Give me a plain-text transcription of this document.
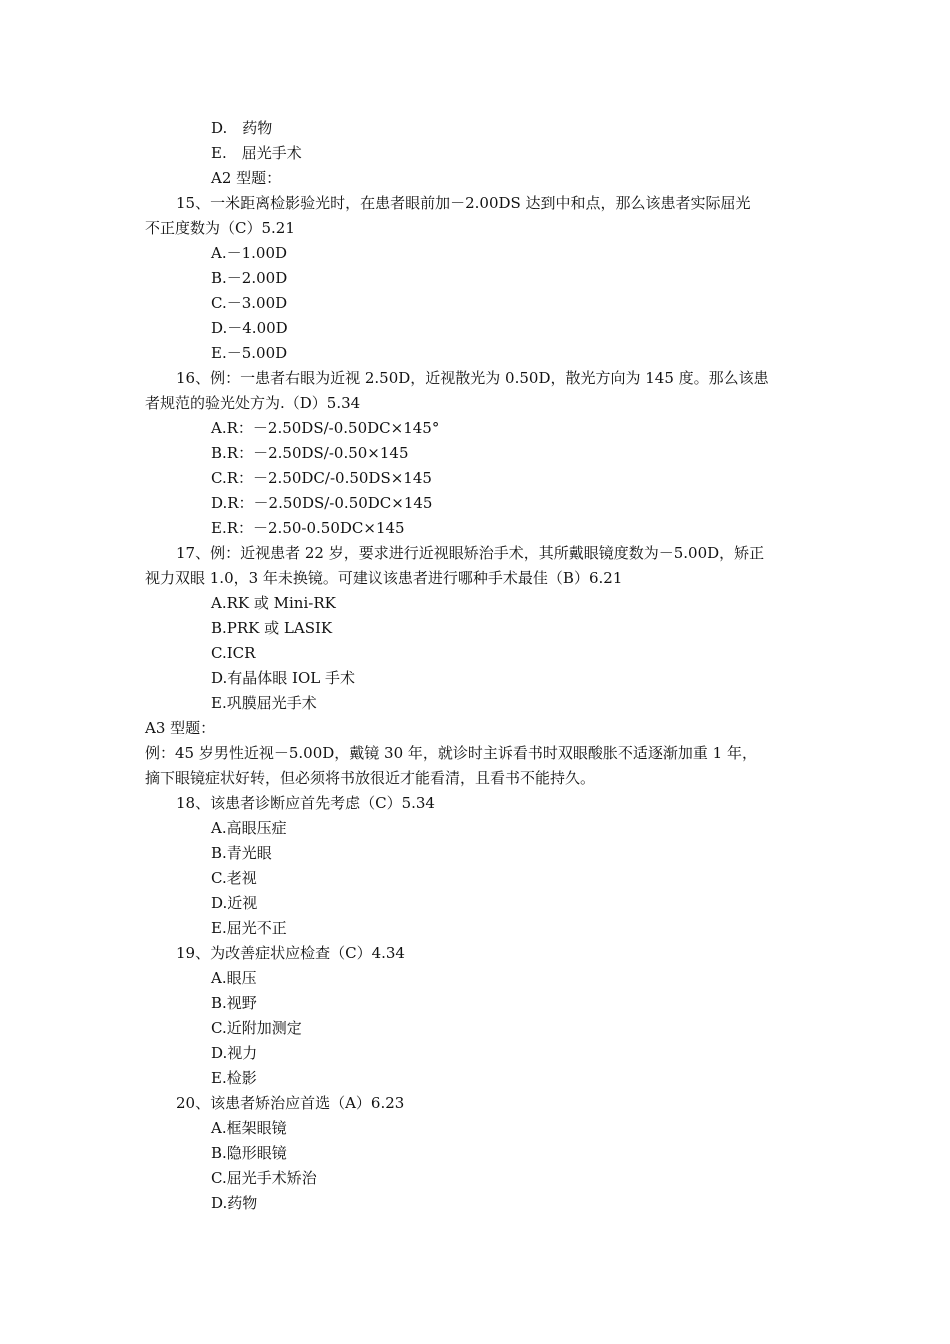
D.　药物
E.　屈光手术
A2 型题：
15、一米距离检影验光时，在患者眼前加－2.00DS 达到中和点，那么该患者实际屈光
不正度数为（C）5.21
A.－1.00D
B.－2.00D
C.－3.00D
D.－4.00D
E.－5.00D
16、例：一患者右眼为近视 2.50D，近视散光为 0.50D，散光方向为 145 度。那么该患
者规范的验光处方为.（D）5.34
A.R：－2.50DS/-0.50DC×145°
B.R：－2.50DS/-0.50×145
C.R：－2.50DC/-0.50DS×145
D.R：－2.50DS/-0.50DC×145
E.R：－2.50-0.50DC×145
17、例：近视患者 22 岁，要求进行近视眼矫治手术，其所戴眼镜度数为－5.00D，矫正
视力双眼 1.0，3 年未换镜。可建议该患者进行哪种手术最佳（B）6.21
A.RK 或 Mini-RK
B.PRK 或 LASIK
C.ICR
D.有晶体眼 IOL 手术
E.巩膜屈光手术
A3 型题：
例：45 岁男性近视－5.00D，戴镜 30 年，就诊时主诉看书时双眼酸胀不适逐渐加重 1 年，
摘下眼镜症状好转，但必须将书放很近才能看清，且看书不能持久。
18、该患者诊断应首先考虑（C）5.34
A.高眼压症
B.青光眼
C.老视
D.近视
E.屈光不正
19、为改善症状应检查（C）4.34
A.眼压
B.视野
C.近附加测定
D.视力
E.检影
20、该患者矫治应首选（A）6.23
A.框架眼镜
B.隐形眼镜
C.屈光手术矫治
D.药物
